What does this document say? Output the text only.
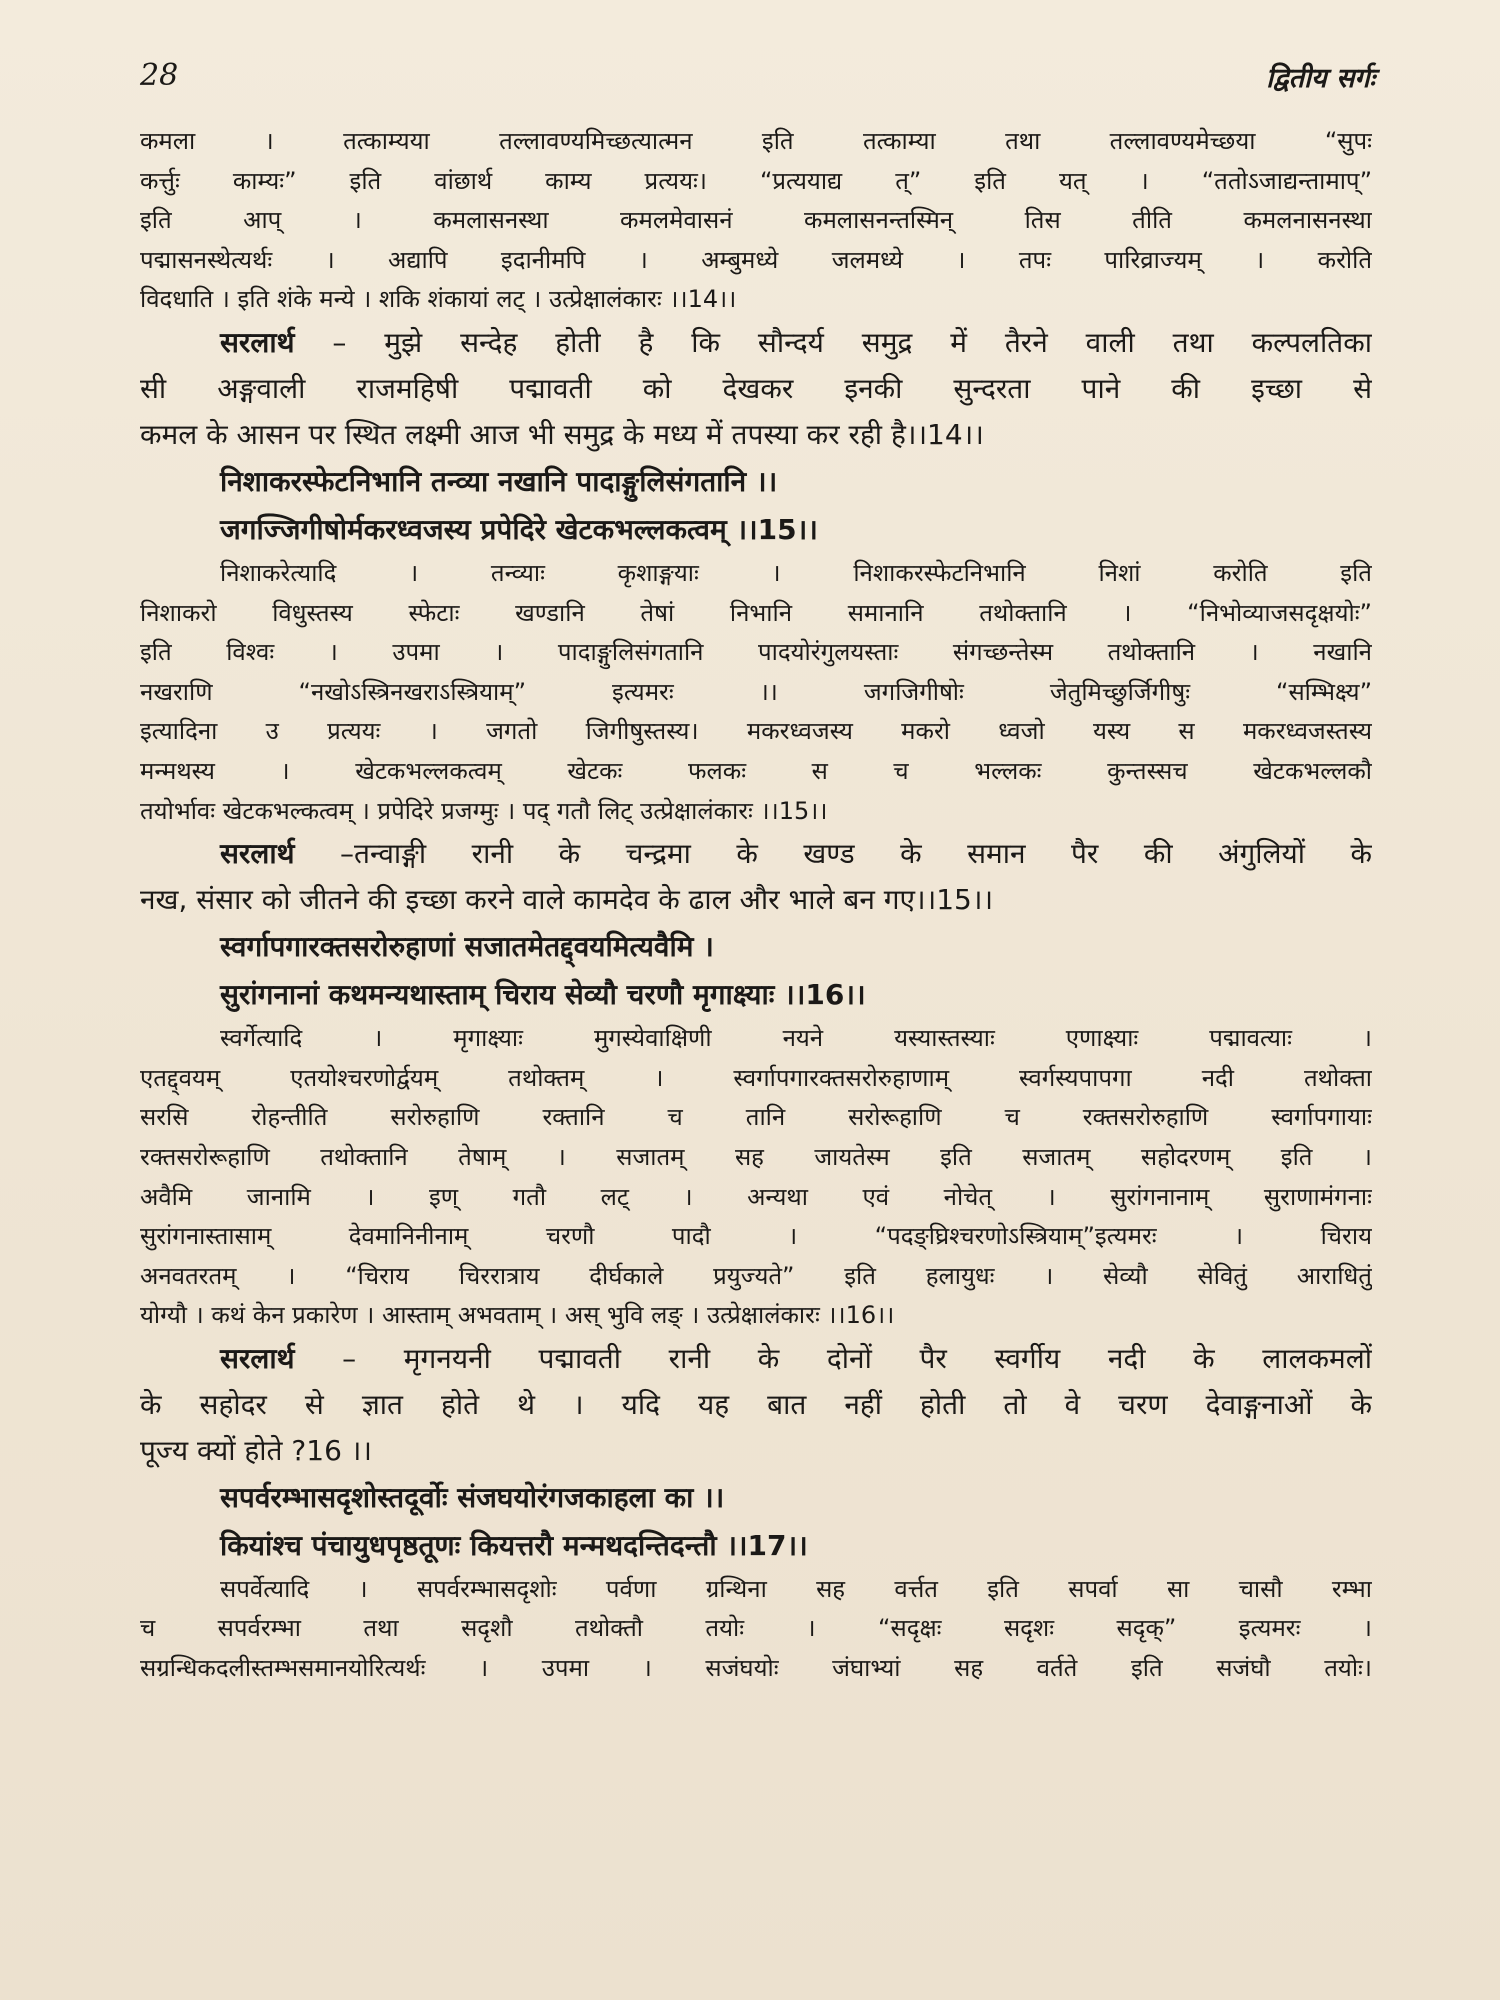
28	द्वितीय सर्गः
कमला । तत्काम्यया तल्लावण्यमिच्छत्यात्मन इति तत्काम्या तथा तल्लावण्यमेच्छया “सुपः
कर्त्तुः काम्यः” इति वांछार्थ काम्य प्रत्ययः। “प्रत्ययाद्य त्” इति यत् । “ततोऽजाद्यन्तामाप्”
इति आप् । कमलासनस्था कमलमेवासनं कमलासनन्तस्मिन् तिस तीति कमलनासनस्था
पद्मासनस्थेत्यर्थः । अद्यापि इदानीमपि । अम्बुमध्ये जलमध्ये । तपः पारिव्राज्यम् । करोति
विदधाति । इति शंके मन्ये । शकि शंकायां लट् । उत्प्रेक्षालंकारः ।।14।।
सरलार्थ – मुझे सन्देह होती है कि सौन्दर्य समुद्र में तैरने वाली तथा कल्पलतिका
सी अङ्गवाली राजमहिषी पद्मावती को देखकर इनकी सुन्दरता पाने की इच्छा से
कमल के आसन पर स्थित लक्ष्मी आज भी समुद्र के मध्य में तपस्या कर रही है।।14।।
निशाकरस्फेटनिभानि तन्व्या नखानि पादाङ्गुलिसंगतानि ।।
जगज्जिगीषोर्मकरध्वजस्य प्रपेदिरे खेटकभल्लकत्वम् ।।15।।
निशाकरेत्यादि । तन्व्याः कृशाङ्गयाः । निशाकरस्फेटनिभानि निशां करोति इति
निशाकरो विधुस्तस्य स्फेटाः खण्डानि तेषां निभानि समानानि तथोक्तानि । “निभोव्याजसदृक्षयोः”
इति विश्वः । उपमा । पादाङ्गुलिसंगतानि पादयोरंगुलयस्ताः संगच्छन्तेस्म तथोक्तानि । नखानि
नखराणि “नखोऽस्त्रिनखराऽस्त्रियाम्” इत्यमरः ।। जगजिगीषोः जेतुमिच्छुर्जिगीषुः “सम्भिक्ष्य”
इत्यादिना उ प्रत्ययः । जगतो जिगीषुस्तस्य। मकरध्वजस्य मकरो ध्वजो यस्य स मकरध्वजस्तस्य
मन्मथस्य । खेटकभल्लकत्वम् खेटकः फलकः स च भल्लकः कुन्तस्सच खेटकभल्लकौ
तयोर्भावः खेटकभल्कत्वम् । प्रपेदिरे प्रजग्मुः । पद् गतौ लिट् उत्प्रेक्षालंकारः ।।15।।
सरलार्थ –तन्वाङ्गी रानी के चन्द्रमा के खण्ड के समान पैर की अंगुलियों के
नख, संसार को जीतने की इच्छा करने वाले कामदेव के ढाल और भाले बन गए।।15।।
स्वर्गापगारक्तसरोरुहाणां सजातमेतद्द्वयमित्यवैमि ।
सुरांगनानां कथमन्यथास्ताम् चिराय सेव्यौ चरणौ मृगाक्ष्याः ।।16।।
स्वर्गेत्यादि । मृगाक्ष्याः मुगस्येवाक्षिणी नयने यस्यास्तस्याः एणाक्ष्याः पद्मावत्याः ।
एतद्द्वयम् एतयोश्चरणोर्द्वयम् तथोक्तम् । स्वर्गापगारक्तसरोरुहाणाम् स्वर्गस्यपापगा नदी तथोक्ता
सरसि रोहन्तीति सरोरुहाणि रक्तानि च तानि सरोरूहाणि च रक्तसरोरुहाणि स्वर्गापगायाः
रक्तसरोरूहाणि तथोक्तानि तेषाम् । सजातम् सह जायतेस्म इति सजातम् सहोदरणम् इति ।
अवैमि जानामि । इण् गतौ लट् । अन्यथा एवं नोचेत् । सुरांगनानाम् सुराणामंगनाः
सुरांगनास्तासाम् देवमानिनीनाम् चरणौ पादौ । “पदङ्घ्रिश्चरणोऽस्त्रियाम्”इत्यमरः । चिराय
अनवतरतम् । “चिराय चिररात्राय दीर्घकाले प्रयुज्यते” इति हलायुधः । सेव्यौ सेवितुं आराधितुं
योग्यौ । कथं केन प्रकारेण । आस्ताम् अभवताम् । अस् भुवि लङ् । उत्प्रेक्षालंकारः ।।16।।
सरलार्थ – मृगनयनी पद्मावती रानी के दोनों पैर स्वर्गीय नदी के लालकमलों
के सहोदर से ज्ञात होते थे । यदि यह बात नहीं होती तो वे चरण देवाङ्गनाओं के
पूज्य क्यों होते ?16 ।।
सपर्वरम्भासदृशोस्तदूर्वोः संजघयोरंगजकाहला का ।।
कियांश्च पंचायुधपृष्ठतूणः कियत्तरौ मन्मथदन्तिदन्तौ ।।17।।
सपर्वेत्यादि । सपर्वरम्भासदृशोः पर्वणा ग्रन्थिना सह वर्त्तत इति सपर्वा सा चासौ रम्भा
च सपर्वरम्भा तथा सदृशौ तथोक्तौ तयोः । “सदृक्षः सदृशः सदृक्” इत्यमरः ।
सग्रन्धिकदलीस्तम्भसमानयोरित्यर्थः । उपमा । सजंघयोः जंघाभ्यां सह वर्तते इति सजंघौ तयोः।
